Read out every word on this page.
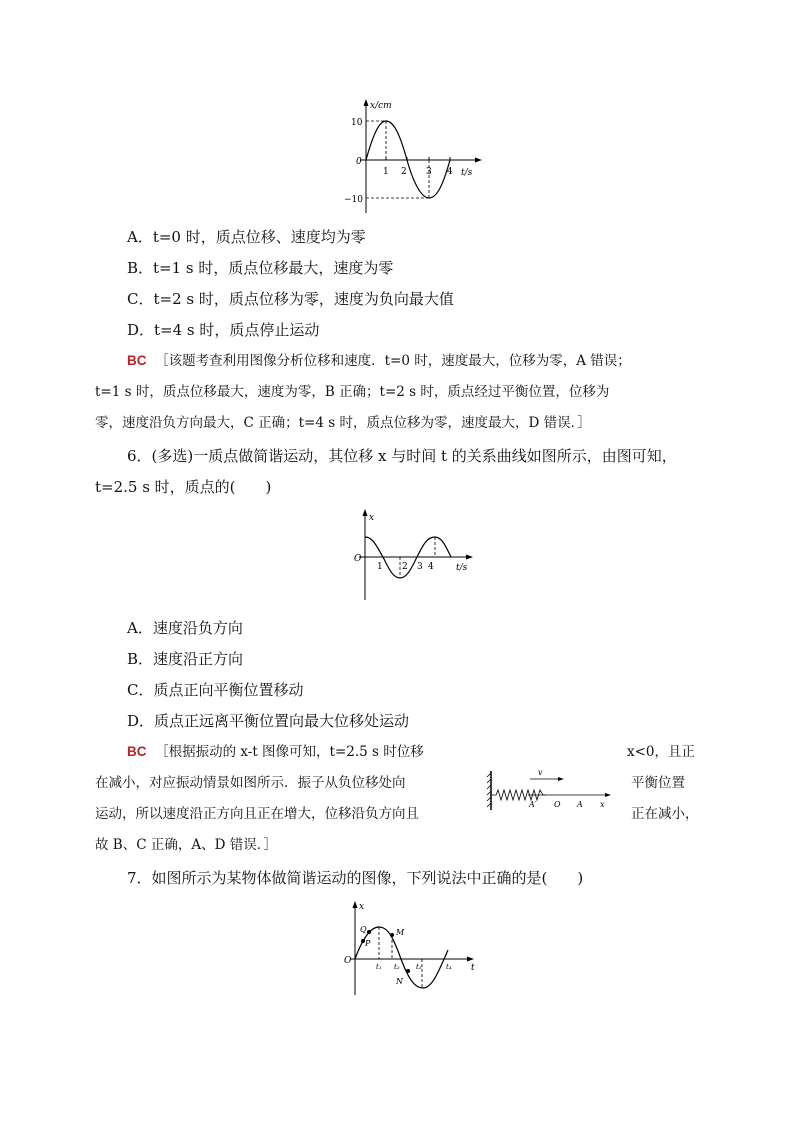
x/cm
t/s
0
10
−10
1 2 3 4
A．t=0 时，质点位移、速度均为零
B．t=1 s 时，质点位移最大，速度为零
C．t=2 s 时，质点位移为零，速度为负向最大值
D．t=4 s 时，质点停止运动
BC ［该题考查利用图像分析位移和速度．t=0 时，速度最大，位移为零，A 错误；
t=1 s 时，质点位移最大，速度为零，B 正确；t=2 s 时，质点经过平衡位置，位移为
零，速度沿负方向最大，C 正确；t=4 s 时，质点位移为零，速度最大，D 错误．］
6．(多选)一质点做简谐运动，其位移 x 与时间 t 的关系曲线如图所示，由图可知，
t=2.5 s 时，质点的(　　)
x
t/s
O
1 2 3 4
A．速度沿负方向
B．速度沿正方向
C．质点正向平衡位置移动
D．质点正远离平衡位置向最大位移处运动
BC ［根据振动的 x-t 图像可知，t=2.5 s 时位移	x<0，且正
在减小，对应振动情景如图所示．振子从负位移处向	平衡位置
运动，所以速度沿正方向且正在增大，位移沿负方向且	正在减小，
故 B、C 正确，A、D 错误．］
v
A′ O A x
7．如图所示为某物体做简谐运动的图像，下列说法中正确的是(　　)
x
t
O
Q
P
M
N
t₁ t₂ t₃	t₄
